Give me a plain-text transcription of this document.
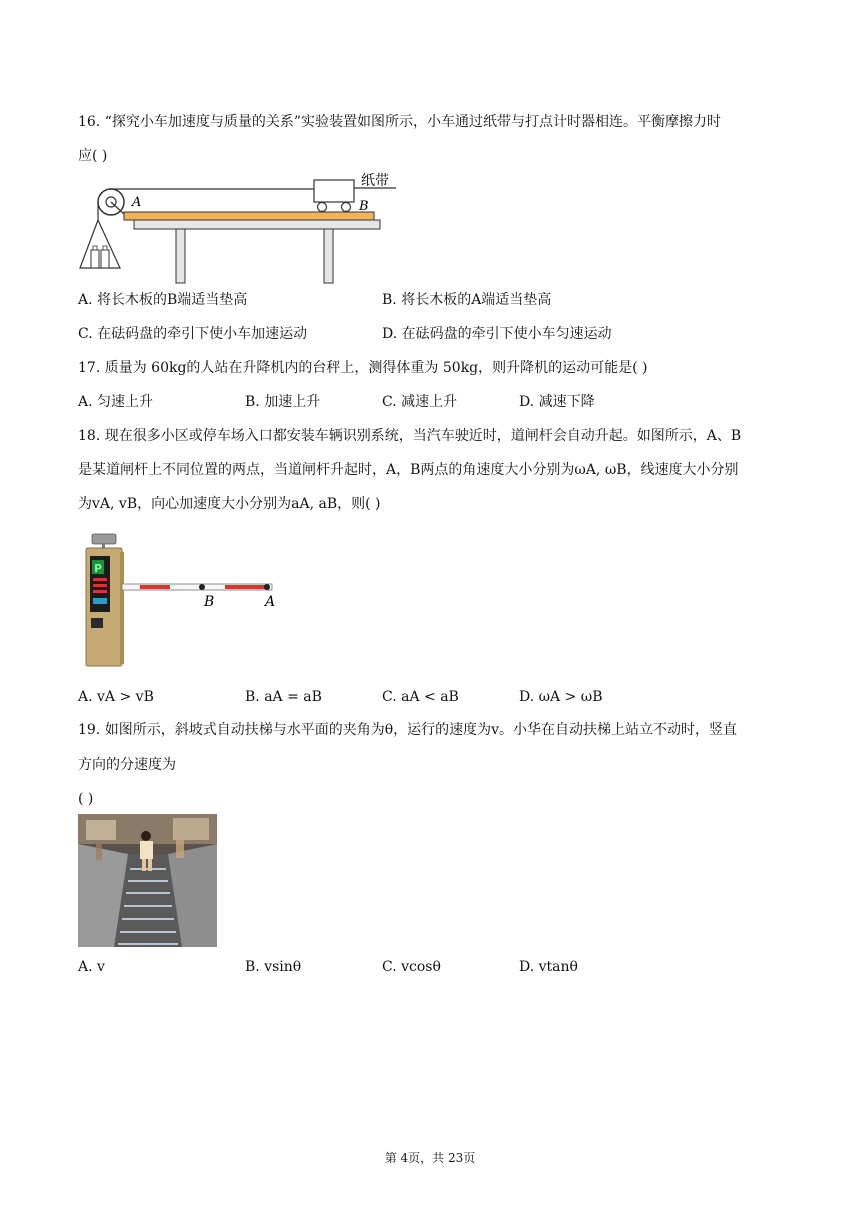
16. “探究小车加速度与质量的关系”实验装置如图所示，小车通过纸带与打点计时器相连。平衡摩擦力时
应( )
A	B
纸带
A. 将长木板的B端适当垫高	B. 将长木板的A端适当垫高
C. 在砝码盘的牵引下使小车加速运动	D. 在砝码盘的牵引下使小车匀速运动
17. 质量为 60kg的人站在升降机内的台秤上，测得体重为 50kg，则升降机的运动可能是( )
A. 匀速上升	B. 加速上升	C. 减速上升	D. 减速下降
18. 现在很多小区或停车场入口都安装车辆识别系统，当汽车驶近时，道闸杆会自动升起。如图所示，A、B
是某道闸杆上不同位置的两点，当道闸杆升起时，A，B两点的角速度大小分别为ωA, ωB，线速度大小分别
为vA, vB，向心加速度大小分别为aA, aB，则( )
P
B	A
A. vA > vB	B. aA = aB	C. aA < aB	D. ωA > ωB
19. 如图所示，斜坡式自动扶梯与水平面的夹角为θ，运行的速度为v。小华在自动扶梯上站立不动时，竖直
方向的分速度为
( )
A. v	B. vsinθ	C. vcosθ	D. vtanθ
第 4页，共 23页
